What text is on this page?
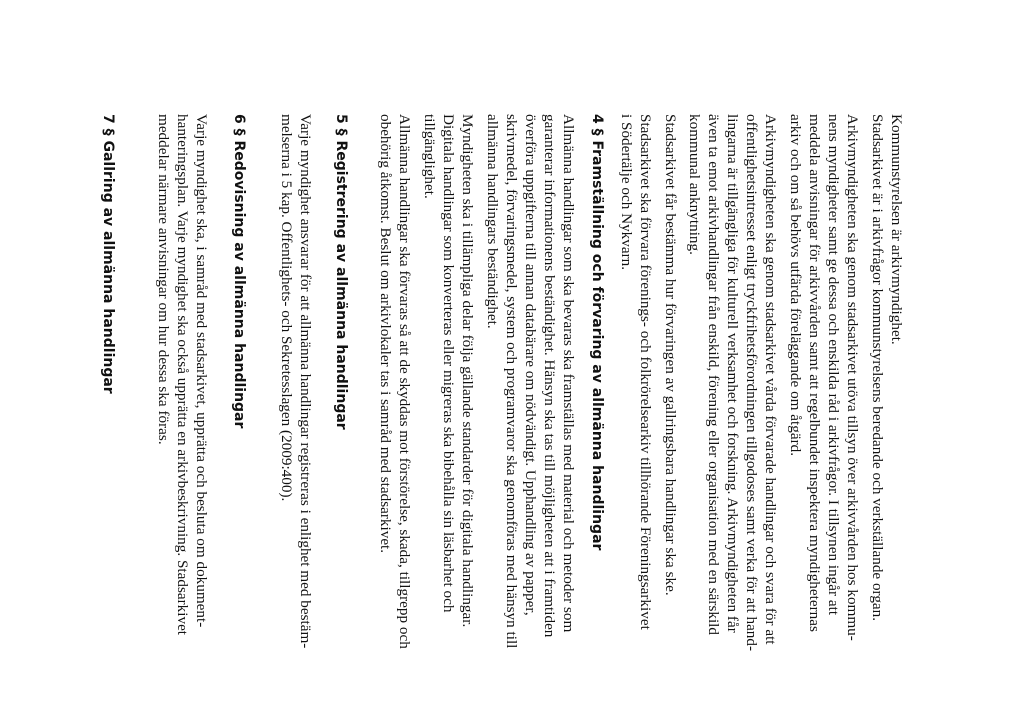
Kommunstyrelsen är arkivmyndighet.
Stadsarkivet är i arkivfrågor kommunstyrelsens beredande och verkställande organ.
Arkivmyndigheten ska genom stadsarkivet utöva tillsyn över arkivvården hos kommu-
nens myndigheter samt ge dessa och enskilda råd i arkivfrågor. I tillsynen ingår att
meddela anvisningar för arkivvården samt att regelbundet inspektera myndigheternas
arkiv och om så behövs utfärda föreläggande om åtgärd.
Arkivmyndigheten ska genom stadsarkivet vårda förvarade handlingar och svara för att
offentlighetsintresset enligt tryckfrihetsförordningen tillgodoses samt verka för att hand-
lingarna är tillgängliga för kulturell verksamhet och forskning. Arkivmyndigheten får
även ta emot arkivhandlingar från enskild, förening eller organisation med en särskild
kommunal anknytning.
Stadsarkivet får bestämma hur förvaringen av gallringsbara handlingar ska ske.
Stadsarkivet ska förvara förenings- och folkrörelsearkiv tillhörande Föreningsarkivet
i Södertälje och Nykvarn.
4 § Framställning och förvaring av allmänna handlingar
Allmänna handlingar som ska bevaras ska framställas med material och metoder som
garanterar informationens beständighet. Hänsyn ska tas till möjligheten att i framtiden
överföra uppgifterna till annan databärare om nödvändigt. Upphandling av papper,
skrivmedel, förvaringsmedel, system och programvaror ska genomföras med hänsyn till
allmänna handlingars beständighet.
Myndigheten ska i tillämpliga delar följa gällande standarder för digitala handlingar.
Digitala handlingar som konverteras eller migreras ska bibehålla sin läsbarhet och
tillgänglighet.
Allmänna handlingar ska förvaras så att de skyddas mot förstörelse, skada, tillgrepp och
obehörig åtkomst. Beslut om arkivlokaler tas i samråd med stadsarkivet.
5 § Registrering av allmänna handlingar
Varje myndighet ansvarar för att allmänna handlingar registreras i enlighet med bestäm-
melserna i 5 kap. Offentlighets- och Sekretesslagen (2009:400).
6 § Redovisning av allmänna handlingar
Varje myndighet ska, i samråd med stadsarkivet, upprätta och besluta om dokument-
hanteringsplan. Varje myndighet ska också upprätta en arkivbeskrivning. Stadsarkivet
meddelar närmare anvisningar om hur dessa ska föras.
7 § Gallring av allmänna handlingar
